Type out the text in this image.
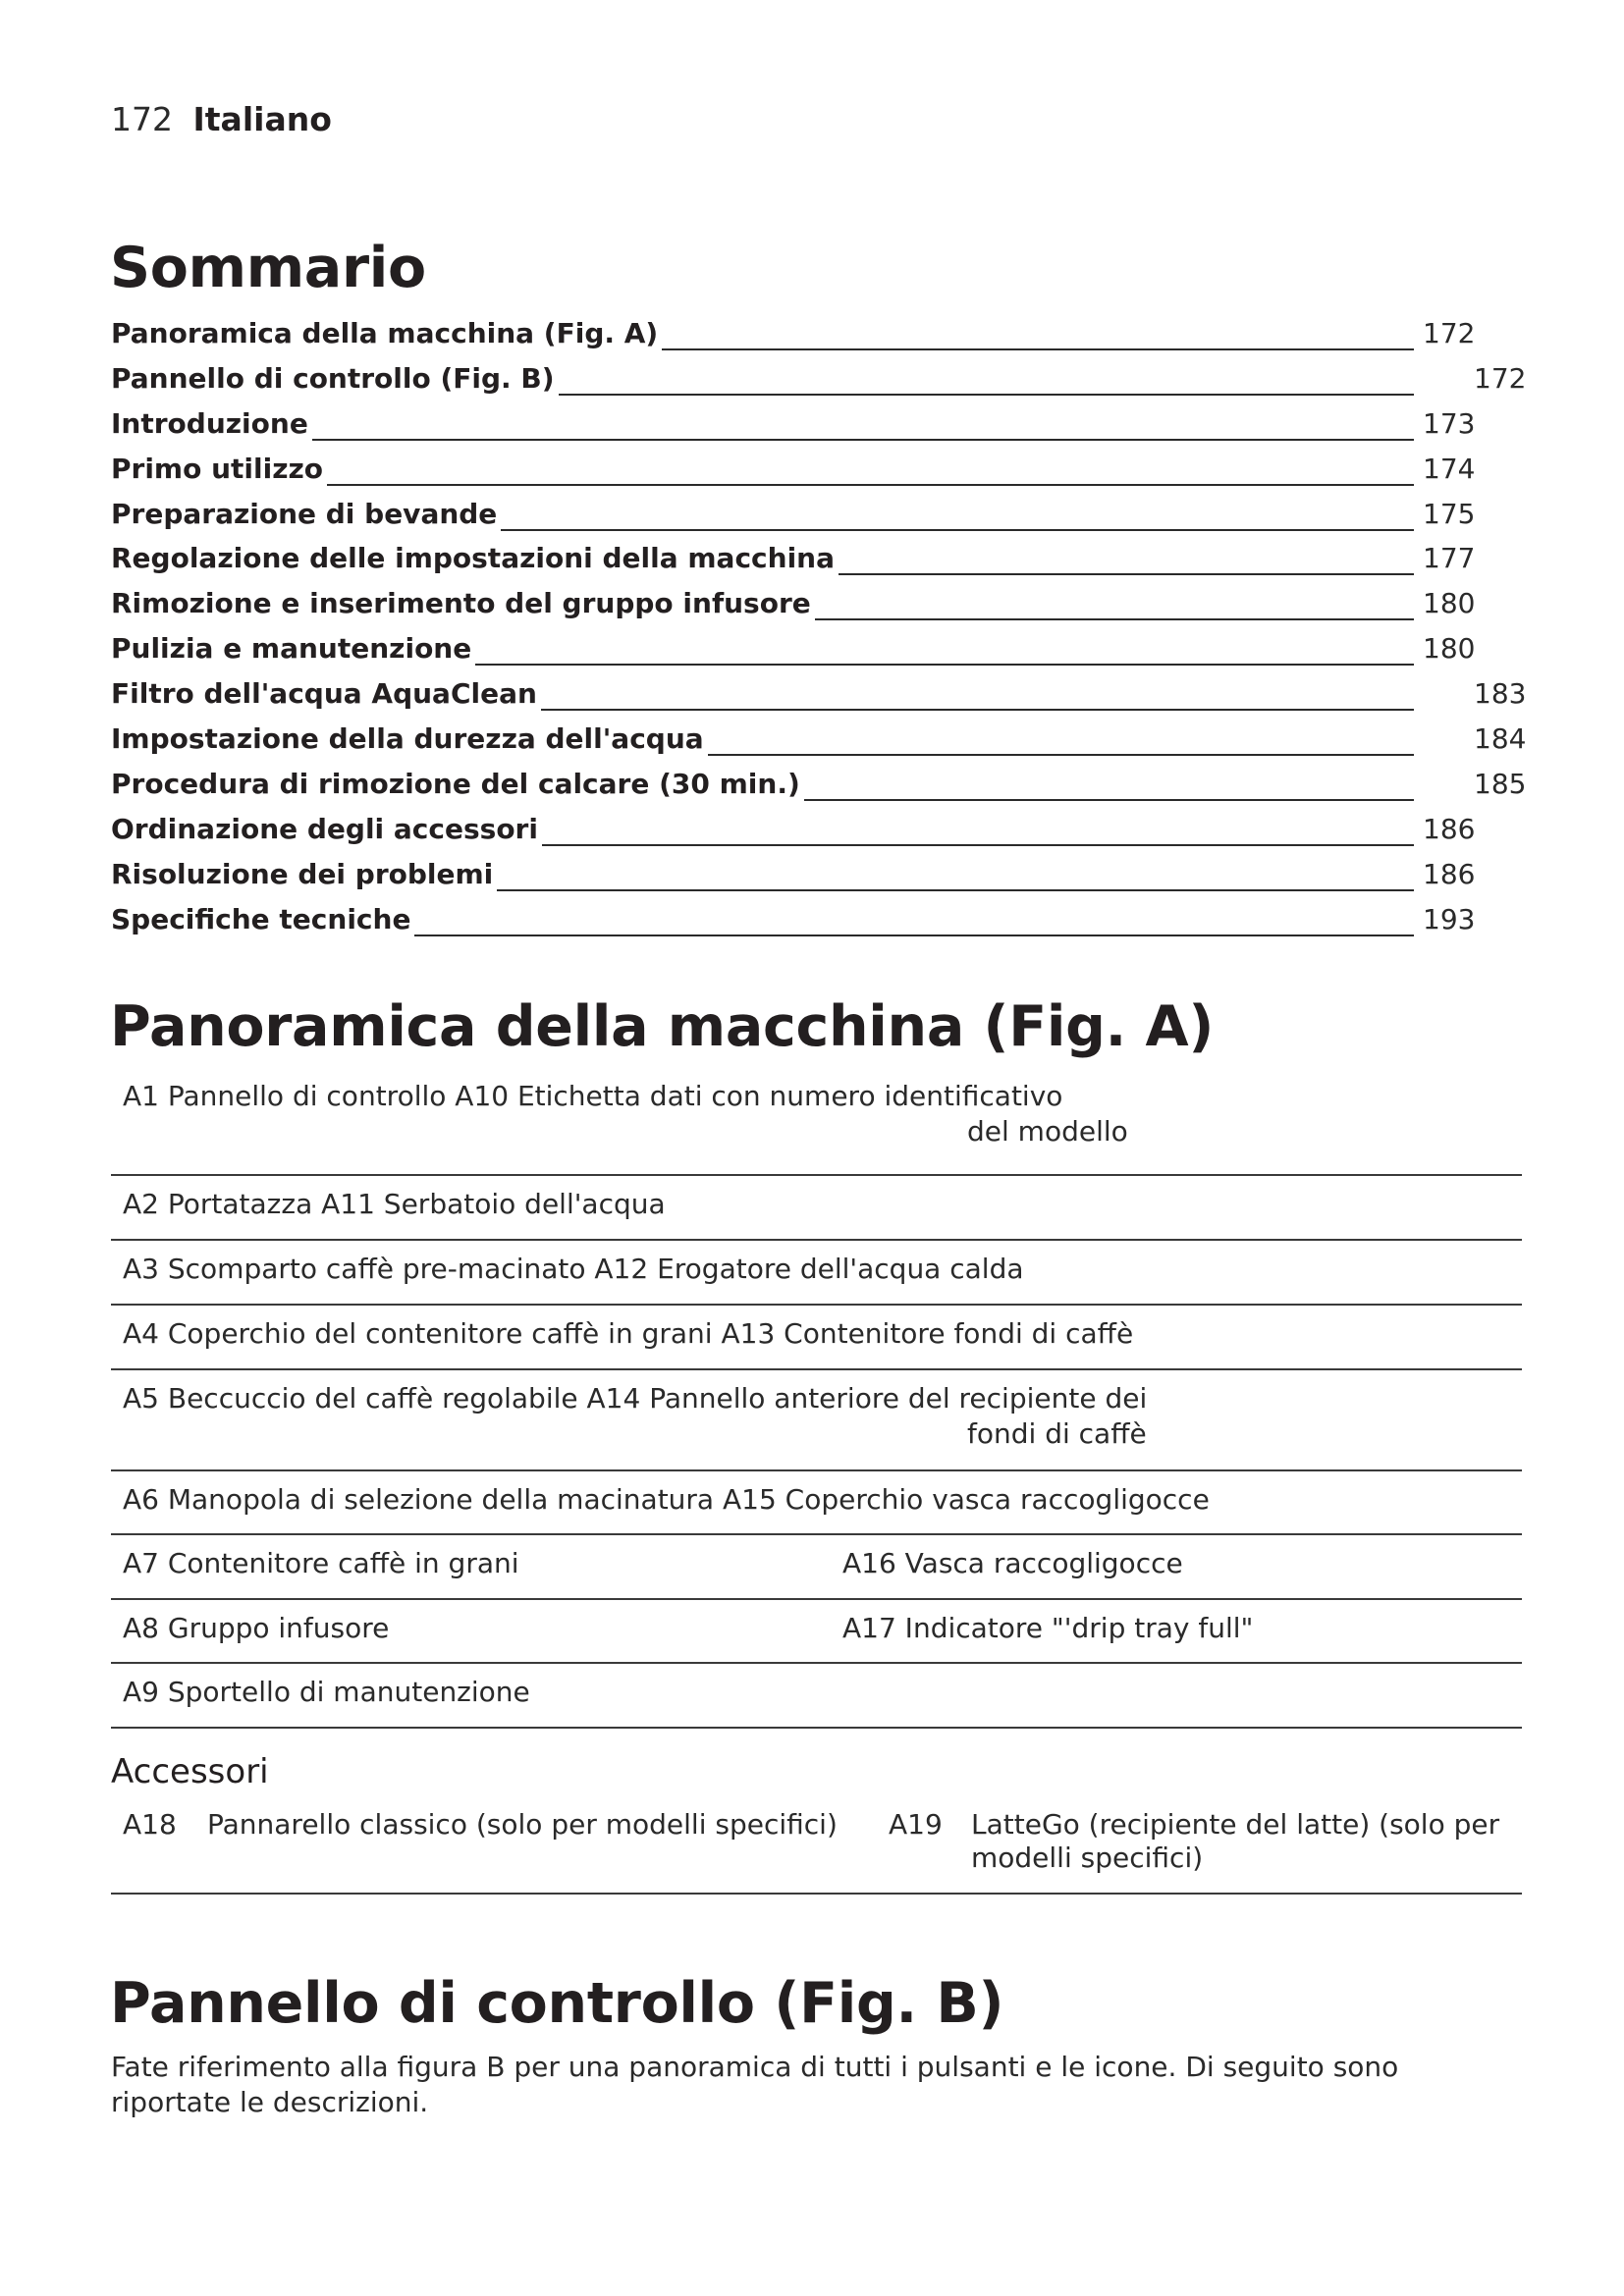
172 Italiano
Sommario
Panoramica della macchina (Fig. A)	172
Pannello di controllo (Fig. B)	172
Introduzione	173
Primo utilizzo	174
Preparazione di bevande	175
Regolazione delle impostazioni della macchina	177
Rimozione e inserimento del gruppo infusore	180
Pulizia e manutenzione	180
Filtro dell'acqua AquaClean	183
Impostazione della durezza dell'acqua	184
Procedura di rimozione del calcare (30 min.)	185
Ordinazione degli accessori	186
Risoluzione dei problemi	186
Specifiche tecniche	193
Panoramica della macchina (Fig. A)
A1 Pannello di controllo A10 Etichetta dati con numero identificativo
del modello
A2 Portatazza A11 Serbatoio dell'acqua
A3 Scomparto caffè pre-macinato A12 Erogatore dell'acqua calda
A4 Coperchio del contenitore caffè in grani A13 Contenitore fondi di caffè
A5 Beccuccio del caffè regolabile A14 Pannello anteriore del recipiente dei
fondi di caffè
A6 Manopola di selezione della macinatura A15 Coperchio vasca raccogligocce
A7 Contenitore caffè in grani	A16 Vasca raccogligocce
A8 Gruppo infusore	A17 Indicatore "'drip tray full"
A9 Sportello di manutenzione
Accessori
A18 Pannarello classico (solo per modelli specifici) A19 LatteGo (recipiente del latte) (solo per
modelli specifici)
Pannello di controllo (Fig. B)

Fate riferimento alla figura B per una panoramica di tutti i pulsanti e le icone. Di seguito sono riportate le descrizioni.
